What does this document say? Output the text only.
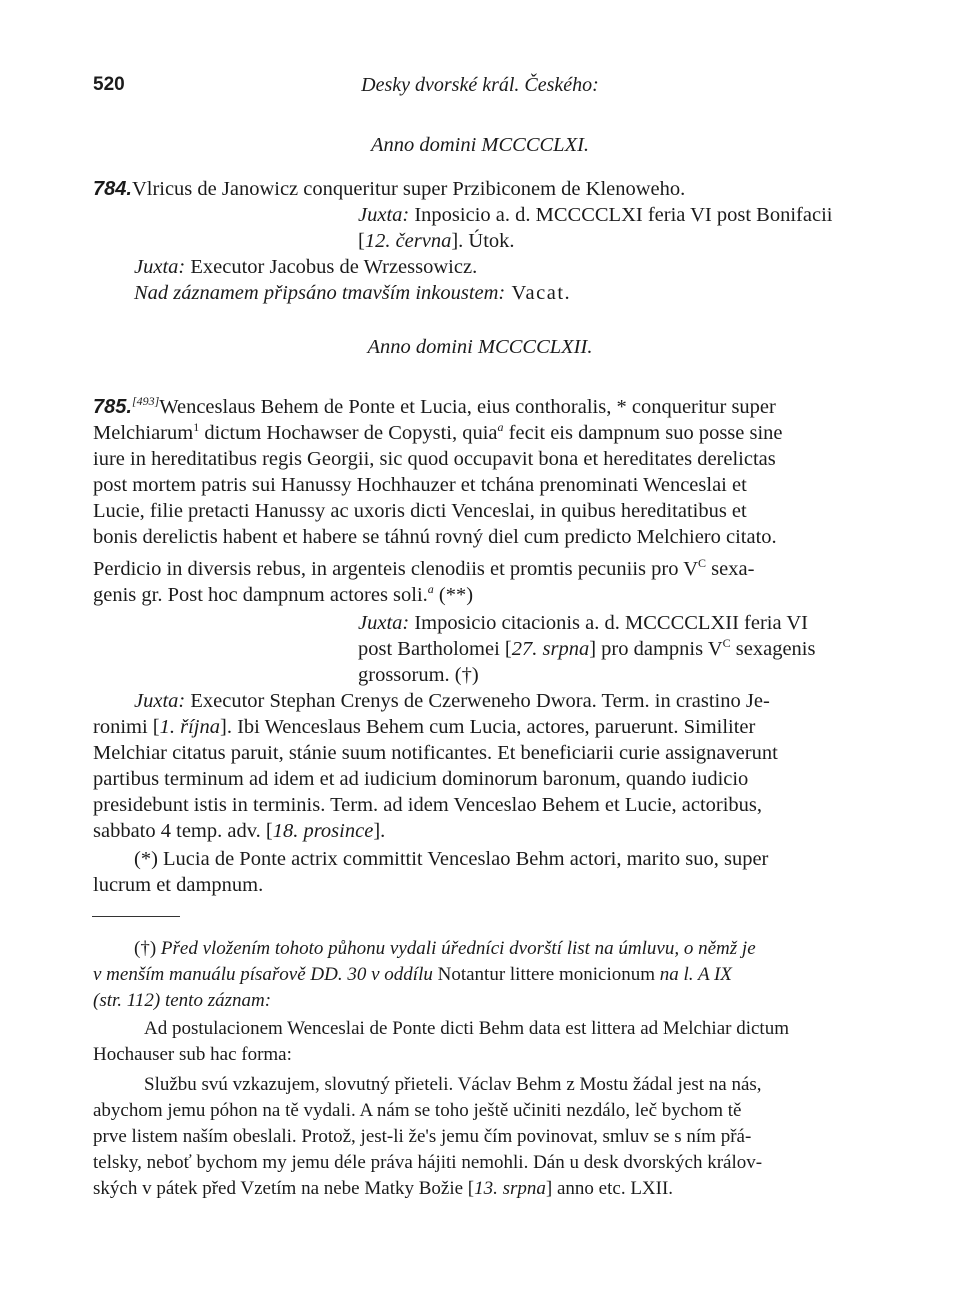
520	Desky dvorské král. Českého:
Anno domini MCCCCLXI.
784.Vlricus de Janowicz conqueritur super Przibiconem de Klenoweho.
Juxta: Inposicio a. d. MCCCCLXI feria VI post Bonifacii
[12. června]. Útok.
Juxta: Executor Jacobus de Wrzessowicz.
Nad záznamem připsáno tmavším inkoustem: Vacat.
Anno domini MCCCCLXII.
785.[493]Wenceslaus Behem de Ponte et Lucia, eius conthoralis, * conqueritur super
Melchiarum$^1$ dictum Hochawser de Copysti, quia$^a$ fecit eis dampnum suo posse sine
iure in hereditatibus regis Georgii, sic quod occupavit bona et hereditates derelictas
post mortem patris sui Hanussy Hochhauzer et tchána prenominati Wenceslai et
Lucie, filie pretacti Hanussy ac uxoris dicti Venceslai, in quibus hereditatibus et
bonis derelictis habent et habere se táhnú rovný diel cum predicto Melchiero citato.
Perdicio in diversis rebus, in argenteis clenodiis et promtis pecuniis pro $V^C$ sexa-
genis gr. Post hoc dampnum actores soli.$^a$ (**)
Juxta: Imposicio citacionis a. d. MCCCCLXII feria VI
post Bartholomei [27. srpna] pro dampnis $V^C$ sexagenis
grossorum. (†)
Juxta: Executor Stephan Crenys de Czerweneho Dwora. Term. in crastino Je-
ronimi [1. října]. Ibi Wenceslaus Behem cum Lucia, actores, paruerunt. Similiter
Melchiar citatus paruit, stánie suum notificantes. Et beneficiarii curie assignaverunt
partibus terminum ad idem et ad iudicium dominorum baronum, quando iudicio
presidebunt istis in terminis. Term. ad idem Venceslao Behem et Lucie, actoribus,
sabbato 4 temp. adv. [18. prosince].
(*) Lucia de Ponte actrix committit Venceslao Behm actori, marito suo, super
lucrum et dampnum.
(†) Před vložením tohoto půhonu vydali úředníci dvorští list na úmluvu, o němž je
v menším manuálu písařově DD. 30 v oddílu Notantur littere monicionum na l. A IX
(str. 112) tento záznam:
Ad postulacionem Wenceslai de Ponte dicti Behm data est littera ad Melchiar dictum
Hochauser sub hac forma:
Službu svú vzkazujem, slovutný přieteli. Václav Behm z Mostu žádal jest na nás,
abychom jemu póhon na tě vydali. A nám se toho ještě učiniti nezdálo, leč bychom tě
prve listem naším obeslali. Protož, jest-li že's jemu čím povinovat, smluv se s ním přá-
telsky, neboť bychom my jemu déle práva hájiti nemohli. Dán u desk dvorských králov-
ských v pátek před Vzetím na nebe Matky Božie [13. srpna] anno etc. LXII.
